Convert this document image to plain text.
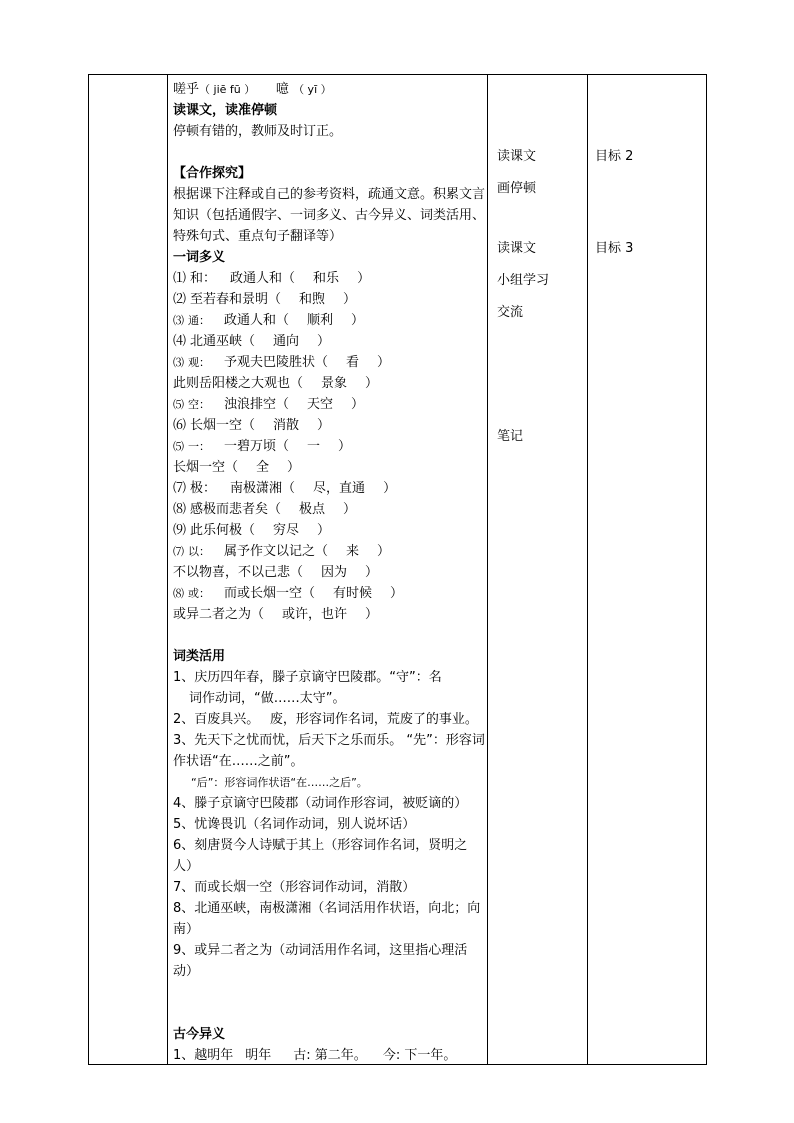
嗟乎（ jiē fū ） 噫 （ yī ）
读课文，读准停顿
停顿有错的，教师及时订正。
【合作探究】
根据课下注释或自己的参考资料，疏通文意。积累文言知识（包括通假字、一词多义、古今异义、词类活用、特殊句式、重点句子翻译等）
一词多义
⑴ 和： 政通人和（ 和乐 ）
⑵ 至若春和景明（ 和煦 ）
⑶ 通： 政通人和（ 顺利 ）
⑷ 北通巫峡（ 通向 ）
⑶ 观： 予观夫巴陵胜状（ 看 ）
此则岳阳楼之大观也（ 景象 ）
⑸ 空： 浊浪排空（ 天空 ）
⑹ 长烟一空（ 消散 ）
⑸ 一： 一碧万顷（ 一 ）
长烟一空（ 全 ）
⑺ 极： 南极潇湘（ 尽，直通 ）
⑻ 感极而悲者矣（ 极点 ）
⑼ 此乐何极（ 穷尽 ）
⑺ 以： 属予作文以记之（ 来 ）
不以物喜，不以己悲（ 因为 ）
⑻ 或： 而或长烟一空（ 有时候 ）
或异二者之为（ 或许，也许 ）
词类活用
1、庆历四年春，滕子京谪守巴陵郡。“守”：名
词作动词，“做……太守”。
2、百废具兴。　 废，形容词作名词，荒废了的事业。
3、先天下之忧而忧，后天下之乐而乐。 “先”：形容词作状语“在……之前”。
“后”：形容词作状语“在……之后”。
4、滕子京谪守巴陵郡（动词作形容词，被贬谪的）
5、忧谗畏讥（名词作动词，别人说坏话）
6、刻唐贤今人诗赋于其上（形容词作名词，贤明之人）
7、而或长烟一空（形容词作动词，消散）
8、北通巫峡，南极潇湘（名词活用作状语，向北；向南）
9、或异二者之为（动词活用作名词，这里指心理活动）
古今异义
1、越明年 明年 古: 第二年。 今: 下一年。
读课文
画停顿
读课文
小组学习
交流
笔记
目标 2
目标 3
